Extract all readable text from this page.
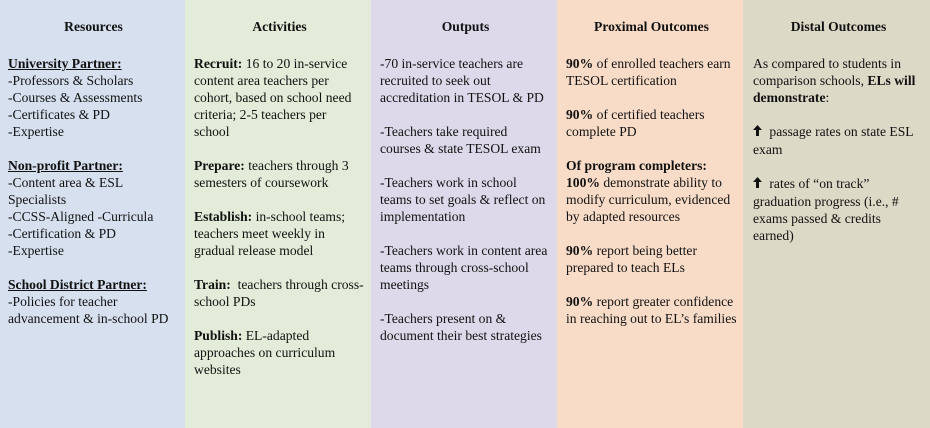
Resources
University Partner:
-Professors & Scholars
-Courses & Assessments
-Certificates & PD
-Expertise
Non-profit Partner:
-Content area & ESL Specialists
-CCSS-Aligned -Curricula
-Certification & PD
-Expertise
School District Partner:
-Policies for teacher advancement & in-school PD
Activities
Recruit: 16 to 20 in-service content area teachers per cohort, based on school need criteria; 2-5 teachers per school
Prepare: teachers through 3 semesters of coursework
Establish: in-school teams; teachers meet weekly in gradual release model
Train:  teachers through cross-school PDs
Publish: EL-adapted approaches on curriculum websites
Outputs
-70 in-service teachers are recruited to seek out accreditation in TESOL & PD
-Teachers take required courses & state TESOL exam
-Teachers work in school teams to set goals & reflect on implementation
-Teachers work in content area teams through cross-school meetings
-Teachers present on & document their best strategies
Proximal Outcomes
90% of enrolled teachers earn TESOL certification
90% of certified teachers complete PD
Of program completers:
100% demonstrate ability to modify curriculum, evidenced by adapted resources
90% report being better prepared to teach ELs
90% report greater confidence in reaching out to EL’s families
Distal Outcomes
As compared to students in comparison schools, ELs will demonstrate:
passage rates on state ESL exam
rates of “on track” graduation progress (i.e., # exams passed & credits earned)
